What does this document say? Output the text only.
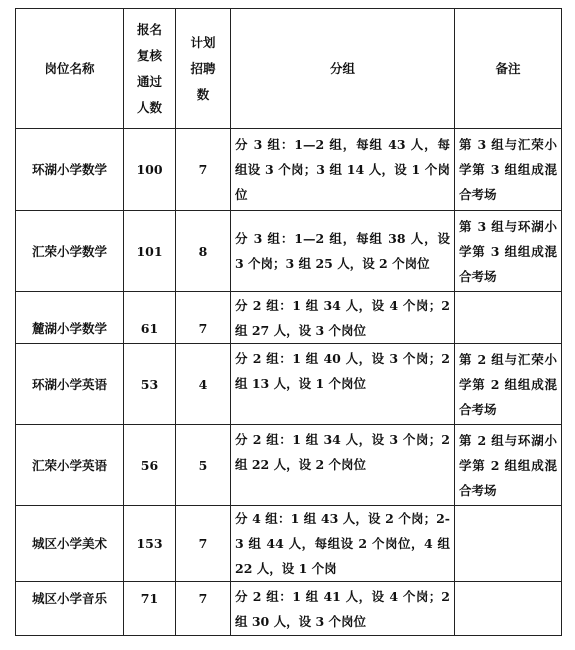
岗位名称	报名
复核
通过
人数	计划
招聘
数	分组	备注
环湖小学数学	100	7	分 3 组：1—2 组，每组 43 人，每组设 3 个岗；3 组 14 人，设 1 个岗位	第 3 组与汇荣小学第 3 组组成混合考场
汇荣小学数学	101	8	分 3 组：1—2 组，每组 38 人，设 3 个岗；3 组 25 人，设 2 个岗位	第 3 组与环湖小学第 3 组组成混合考场
麓湖小学数学	61	7	分 2 组：1 组 34 人，设 4 个岗；2 组 27 人，设 3 个岗位	
环湖小学英语	53	4	分 2 组：1 组 40 人，设 3 个岗；2 组 13 人，设 1 个岗位	第 2 组与汇荣小学第 2 组组成混合考场
汇荣小学英语	56	5	分 2 组：1 组 34 人，设 3 个岗；2 组 22 人，设 2 个岗位	第 2 组与环湖小学第 2 组组成混合考场
城区小学美术	153	7	分 4 组：1 组 43 人，设 2 个岗；2-3 组 44 人，每组设 2 个岗位，4 组 22 人，设 1 个岗	
城区小学音乐	71	7	分 2 组：1 组 41 人，设 4 个岗；2 组 30 人，设 3 个岗位	
